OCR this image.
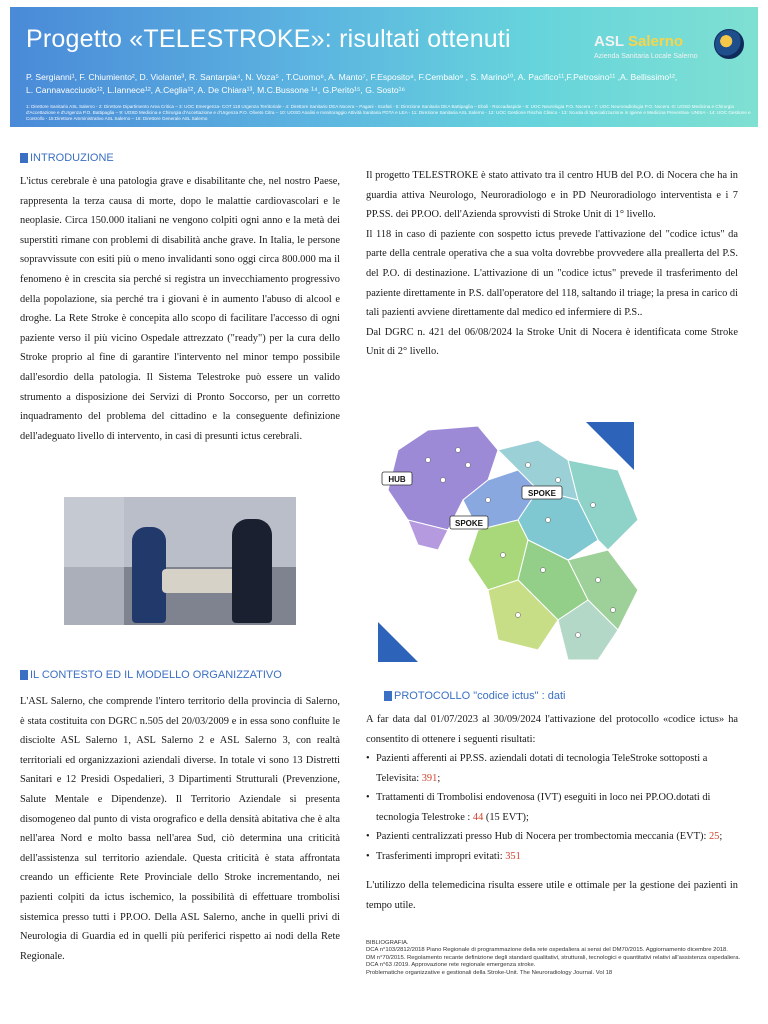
Progetto «TELESTROKE»: risultati ottenuti	ASL Salerno
Azienda Sanitaria Locale Salerno
P. Sergianni¹, F. Chiumiento², D. Violante³, R. Santarpia⁴, N. Voza⁵ , T.Cuomo⁶, A. Manto⁷, F.Esposito⁸, F.Cembalo⁹ , S. Marino¹⁰, A. Pacifico¹¹,F.Petrosino¹¹ ,A. Bellissimo¹²,
L. Cannavacciuolo¹², L.Iannece¹², A.Ceglia¹², A. De Chiara¹³, M.C.Bussone ¹⁴, G.Perito¹⁵, G. Sosto¹⁶
1: Direttore Sanitario ASL Salerno - 2: Direttore Dipartimento Area Critica – 3: UOC Emergenza- COT 118 Urgenza Territoriale - 4: Direttore Sanitario DEA Nocera – Pagani - Scafati - 5: Direzione Sanitaria DEA Battipaglia – Eboli - Roccadaspide - 6: UOC Neurologia P.O. Nocera - 7: UOC Neuroradiologia P.O. Nocera -8: UOSD Medicina e Chirurgia d'Accettazione e d'Urgenza P.O. Battipaglia – 9: UOSD Medicina e Chirurgia d'Accettazione e d'Urgenza P.O. Oliveto Citra – 10: UOSD Analisi e monitoraggio Attività Sanitaria PDTA e LEA - 11: Direzione Sanitaria ASL Salerno - 12: UOC Gestione Rischio Clinico - 13: Scuola di Specializzazione in Igiene e Medicina Preventiva- UNISA - 14: UOC Gestione e Controllo - 15:Direttore Amministrativo ASL Salerno – 16: Direttore Generale ASL Salerno
INTRODUZIONE
L'ictus cerebrale è una patologia grave e disabilitante che, nel nostro Paese, rappresenta la terza causa di morte, dopo le malattie cardiovascolari e le neoplasie. Circa 150.000 italiani ne vengono colpiti ogni anno e la metà dei superstiti rimane con problemi di disabilità anche grave. In Italia, le persone sopravvissute con esiti più o meno invalidanti sono oggi circa 800.000 ma il fenomeno è in crescita sia perché si registra un invecchiamento progressivo della popolazione, sia perché tra i giovani è in aumento l'abuso di alcool e droghe. La Rete Stroke è concepita allo scopo di facilitare l'accesso di ogni paziente verso il più vicino Ospedale attrezzato ("ready") per la cura dello Stroke proprio al fine di garantire l'intervento nel minor tempo possibile dall'esordio della patologia. Il Sistema Telestroke può essere un valido strumento a disposizione dei Servizi di Pronto Soccorso, per un corretto inquadramento del problema del cittadino e la conseguente definizione dell'adeguato livello di intervento, in casi di presunti ictus cerebrali.
IL CONTESTO ED IL MODELLO ORGANIZZATIVO
L'ASL Salerno, che comprende l'intero territorio della provincia di Salerno, è stata costituita con DGRC n.505 del 20/03/2009 e in essa sono confluite le disciolte ASL Salerno 1, ASL Salerno 2 e ASL Salerno 3, con realtà territoriali ed organizzazioni aziendali diverse. In totale vi sono 13 Distretti Sanitari e 12 Presidi Ospedalieri, 3 Dipartimenti Strutturali (Prevenzione, Salute Mentale e Dipendenze). Il Territorio Aziendale si presenta disomogeneo dal punto di vista orografico e della densità abitativa che è alta nell'area Nord e molto bassa nell'area Sud, ciò determina una criticità dell'assistenza sul territorio aziendale. Questa criticità è stata affrontata creando un efficiente Rete Provinciale dello Stroke incrementando, nei pazienti colpiti da ictus ischemico, la possibilità di effettuare trombolisi sistemica presso tutti i PP.OO. Della ASL Salerno, anche in quelli privi di Neurologia di Guardia ed in quelli più periferici rispetto ai nodi della Rete Regionale.

Il progetto TELESTROKE è stato attivato tra il centro HUB del P.O. di Nocera che ha in guardia attiva Neurologo, Neuroradiologo e in PD Neuroradiologo interventista e i 7 PP.SS. dei PP.OO. dell'Azienda sprovvisti di Stroke Unit di 1° livello.

Il 118 in caso di paziente con sospetto ictus prevede l'attivazione del "codice ictus" da parte della centrale operativa che a sua volta dovrebbe provvedere alla preallerta del P.S. del P.O. di destinazione. L'attivazione di un "codice ictus" prevede il trasferimento del paziente direttamente in P.S. dall'operatore del 118, saltando il triage; la presa in carico di tali pazienti avviene direttamente dal medico ed infermiere di P.S..

Dal DGRC n. 421 del 06/08/2024 la Stroke Unit di Nocera è identificata come Stroke Unit di 2° livello.

HUB
SPOKE
SPOKE
PROTOCOLLO "codice ictus" : dati
A far data dal 01/07/2023 al 30/09/2024 l'attivazione del protocollo «codice ictus» ha consentito di ottenere i seguenti risultati:
• Pazienti afferenti ai PP.SS. aziendali dotati di tecnologia TeleStroke sottoposti a Televisita: 391;
• Trattamenti di Trombolisi endovenosa (IVT) eseguiti in loco nei PP.OO.dotati di tecnologia Telestroke : 44 (15 EVT);
• Pazienti centralizzati presso Hub di Nocera per trombectomia meccania (EVT): 25;
• Trasferimenti impropri evitati: 351
L'utilizzo della telemedicina risulta essere utile e ottimale per la gestione dei pazienti in tempo utile.
BIBLIOGRAFIA.
DCA n°103/2812/2018 Piano Regionale di programmazione della rete ospedaliera ai sensi del DM70/2015. Aggiornamento dicembre 2018.
DM n°70/2015. Regolamento recante definizione degli standard qualitativi, strutturali, tecnologici e quantitativi relativi all'assistenza ospedaliera.
DCA n°63 /2019. Approvazione rete regionale emergenza stroke.
Problematiche organizzative e gestionali della Stroke-Unit. The Neuroradiology Journal. Vol 18
